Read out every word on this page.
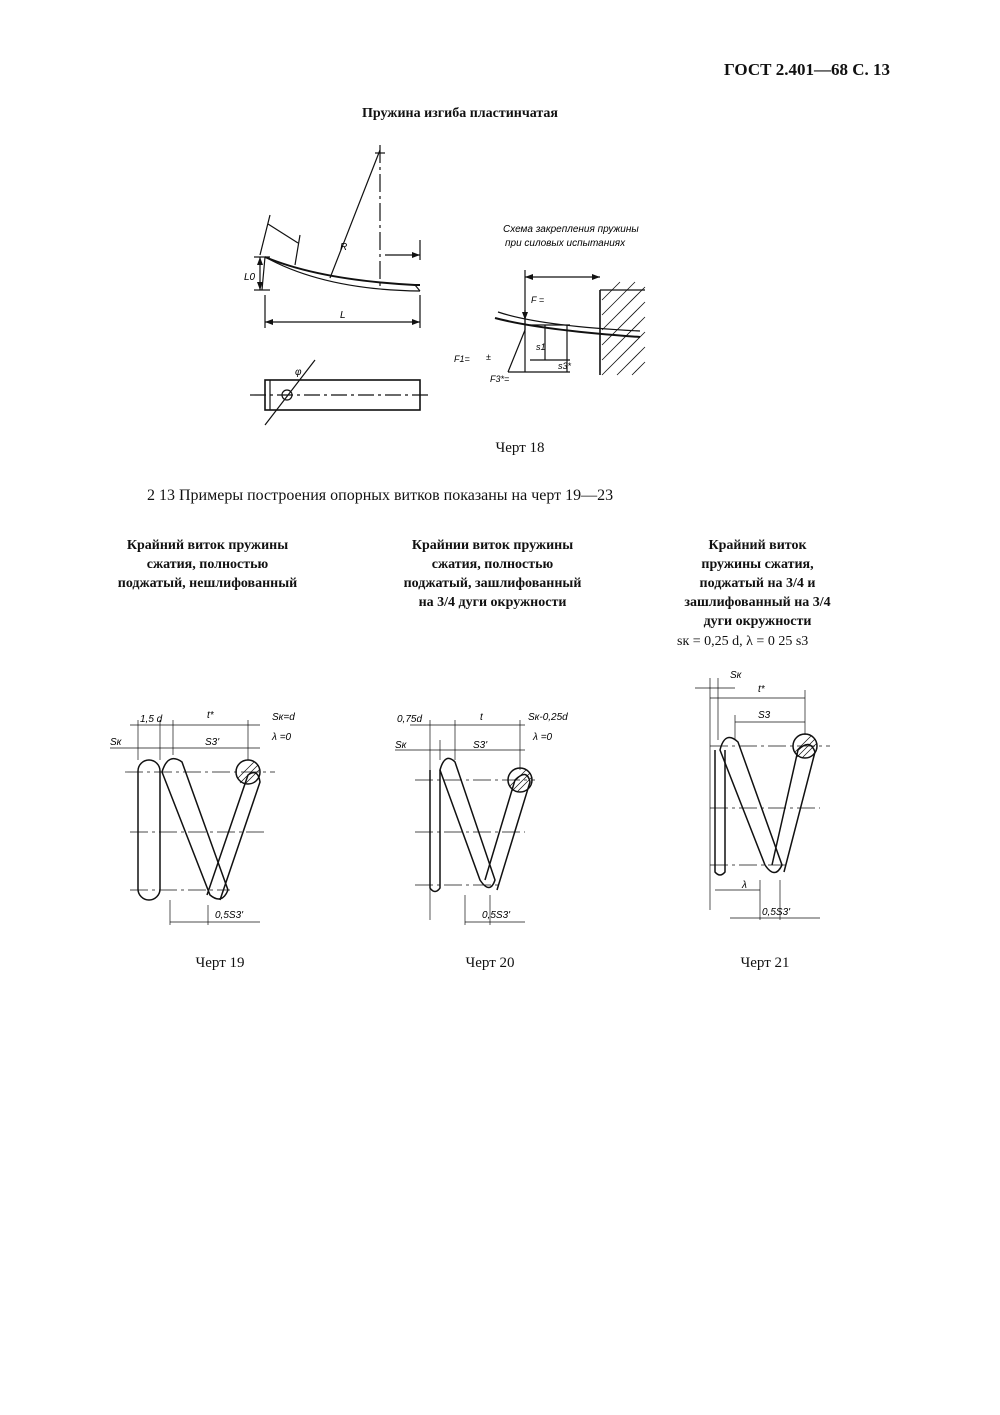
ГОСТ 2.401—68 С. 13
Пружина изгиба пластинчатая
L0
R
L
φ
Схема закрепления пружины
при силовых испытаниях
F =
F1= ±
F3*=
s1
s3*
Черт 18
2 13 Примеры построения опорных витков показаны на черт 19—23
Крайний виток пружины
сжатия, полностью
поджатый, нешлифованный
Крайнии виток пружины
сжатия, полностью
поджатый, зашлифованный
на 3/4 дуги окружности
Крайний виток
пружины сжатия,
поджатый на 3/4 и
зашлифованный на 3/4
дуги окружности
sк = 0,25 d, λ = 0 25 s3
1,5 d	t*
Sк	S3'
Sк=d
λ =0
0,5S3'
Черт 19
0,75d	t
Sк	S3'
Sк-0,25d
λ =0
0,5S3'
Черт 20
Sк
t*
S3
λ
0,5S3'
Черт 21
